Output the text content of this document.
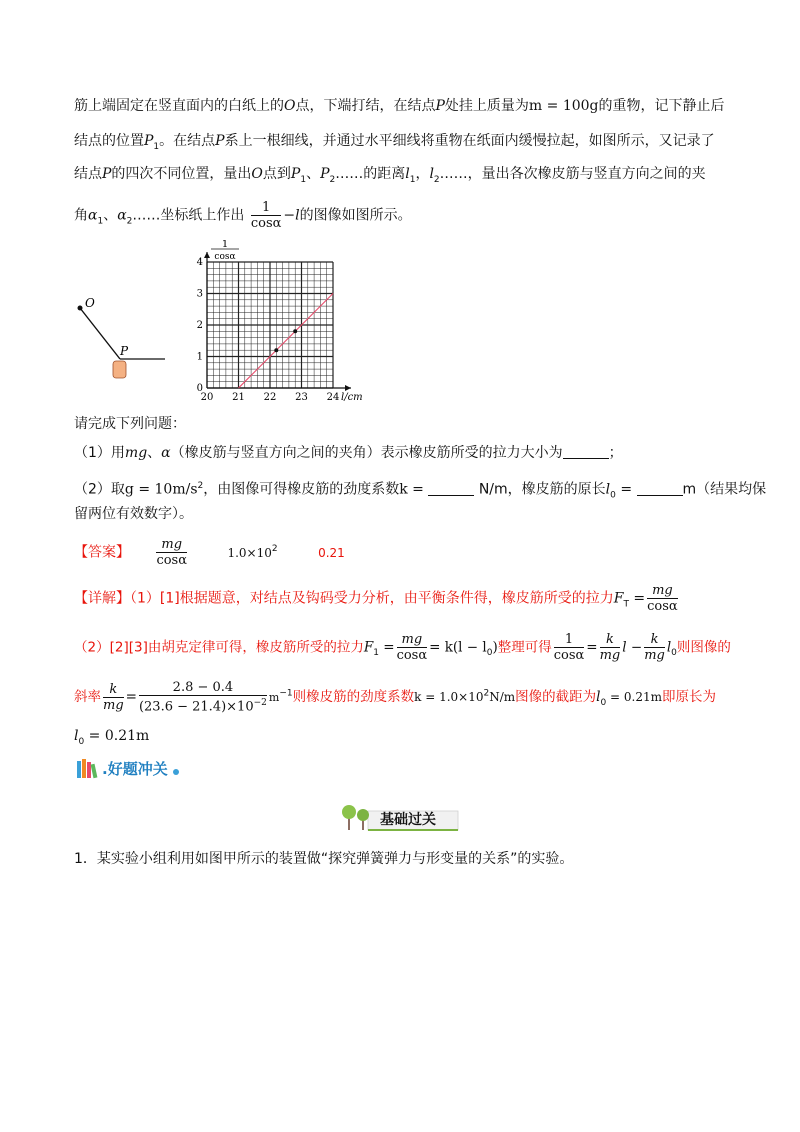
筋上端固定在竖直面内的白纸上的O点，下端打结，在结点P处挂上质量为m = 100g的重物，记下静止后
结点的位置$P_1$。在结点P系上一根细线，并通过水平细线将重物在纸面内缓慢拉起，如图所示，又记录了
结点P的四次不同位置，量出O点到$P_1$、$P_2\dots\dots$的距离$l_1$，$l_2\dots\dots$，量出各次橡皮筋与竖直方向之间的夹
角$\alpha_1$、$\alpha_2\dots\dots$坐标纸上作出 $\frac{1}{\cos\alpha} -l$的图像如图所示。
O
P
20 21 22 23 24
0
1
2
3
4
1
cosα
l/cm
请完成下列问题：
（1）用mg、α（橡皮筋与竖直方向之间的夹角）表示橡皮筋所受的拉力大小为	；
（2）取$g = 10m/s^2$，由图像可得橡皮筋的劲度系数k =	N/m，橡皮筋的原长$l_0$ =	m（结果均保
留两位有效数字）。
【答案】 $\frac{mg}{\cos\alpha}$	$1.0\times 10^2$	0.21
【详解】（1）[1]根据题意，对结点及钩码受力分析，由平衡条件得，橡皮筋所受的拉力$F_T = \frac{mg}{\cos\alpha}$
（2）[2][3]由胡克定律可得，橡皮筋所受的拉力$F_1 = \frac{mg}{\cos\alpha} = k(l - l_0)$整理可得 $\frac{1}{\cos\alpha} = \frac{k}{mg}$ $l - \frac{k}{mg} l_0$则图像的
斜率 $\frac{k}{mg} = \frac{2.8 - 0.4}{(23.6 - 21.4)\times 10^{-2}} m^{-1}$则橡皮筋的劲度系数$k = 1.0\times 10^2N/m$图像的截距为$l_0 = 0.21m$即原长为
$l_0 = 0.21m$
.好题冲关
基础过关
1．某实验小组利用如图甲所示的装置做“探究弹簧弹力与形变量的关系”的实验。
